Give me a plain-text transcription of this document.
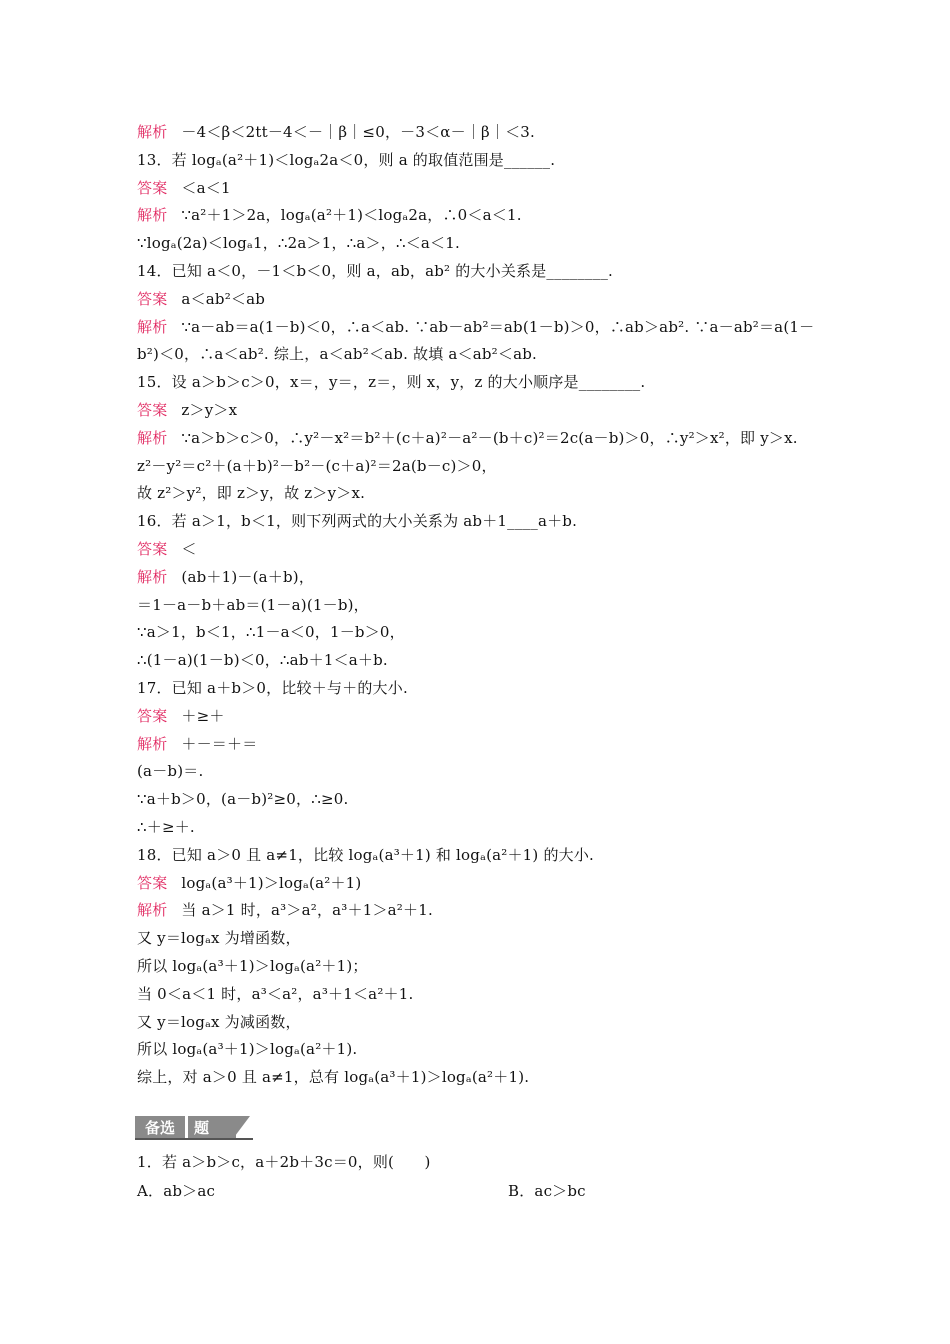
解析 －4＜β＜2tt－4＜－｜β｜≤0，－3＜α－｜β｜＜3.
13．若 logₐ(a²＋1)＜logₐ2a＜0，则 a 的取值范围是______.
答案 ＜a＜1
解析 ∵a²＋1＞2a，logₐ(a²＋1)＜logₐ2a，∴0＜a＜1.
∵logₐ(2a)＜logₐ1，∴2a＞1，∴a＞，∴＜a＜1.
14．已知 a＜0，－1＜b＜0，则 a，ab，ab² 的大小关系是________.
答案 a＜ab²＜ab
解析 ∵a－ab＝a(1－b)＜0，∴a＜ab. ∵ab－ab²＝ab(1－b)＞0，∴ab＞ab². ∵a－ab²＝a(1－
b²)＜0，∴a＜ab². 综上，a＜ab²＜ab. 故填 a＜ab²＜ab.
15．设 a＞b＞c＞0，x＝，y＝，z＝，则 x，y，z 的大小顺序是________.
答案 z＞y＞x
解析 ∵a＞b＞c＞0，∴y²－x²＝b²＋(c＋a)²－a²－(b＋c)²＝2c(a－b)＞0，∴y²＞x²，即 y＞x.
z²－y²＝c²＋(a＋b)²－b²－(c＋a)²＝2a(b－c)＞0，
故 z²＞y²，即 z＞y，故 z＞y＞x.
16．若 a＞1，b＜1，则下列两式的大小关系为 ab＋1____a＋b.
答案 ＜
解析 (ab＋1)－(a＋b)，
＝1－a－b＋ab＝(1－a)(1－b)，
∵a＞1，b＜1，∴1－a＜0，1－b＞0，
∴(1－a)(1－b)＜0，∴ab＋1＜a＋b.
17．已知 a＋b＞0，比较＋与＋的大小.
答案 ＋≥＋
解析 ＋－＝＋＝
(a－b)＝.
∵a＋b＞0，(a－b)²≥0，∴≥0.
∴＋≥＋.
18．已知 a＞0 且 a≠1，比较 logₐ(a³＋1) 和 logₐ(a²＋1) 的大小.
答案 logₐ(a³＋1)＞logₐ(a²＋1)
解析 当 a＞1 时，a³＞a²，a³＋1＞a²＋1.
又 y＝logₐx 为增函数，
所以 logₐ(a³＋1)＞logₐ(a²＋1)；
当 0＜a＜1 时，a³＜a²，a³＋1＜a²＋1.
又 y＝logₐx 为减函数，
所以 logₐ(a³＋1)＞logₐ(a²＋1).
综上，对 a＞0 且 a≠1，总有 logₐ(a³＋1)＞logₐ(a²＋1).
备选	题
1．若 a＞b＞c，a＋2b＋3c＝0，则(　　)
A．ab＞ac	B．ac＞bc
